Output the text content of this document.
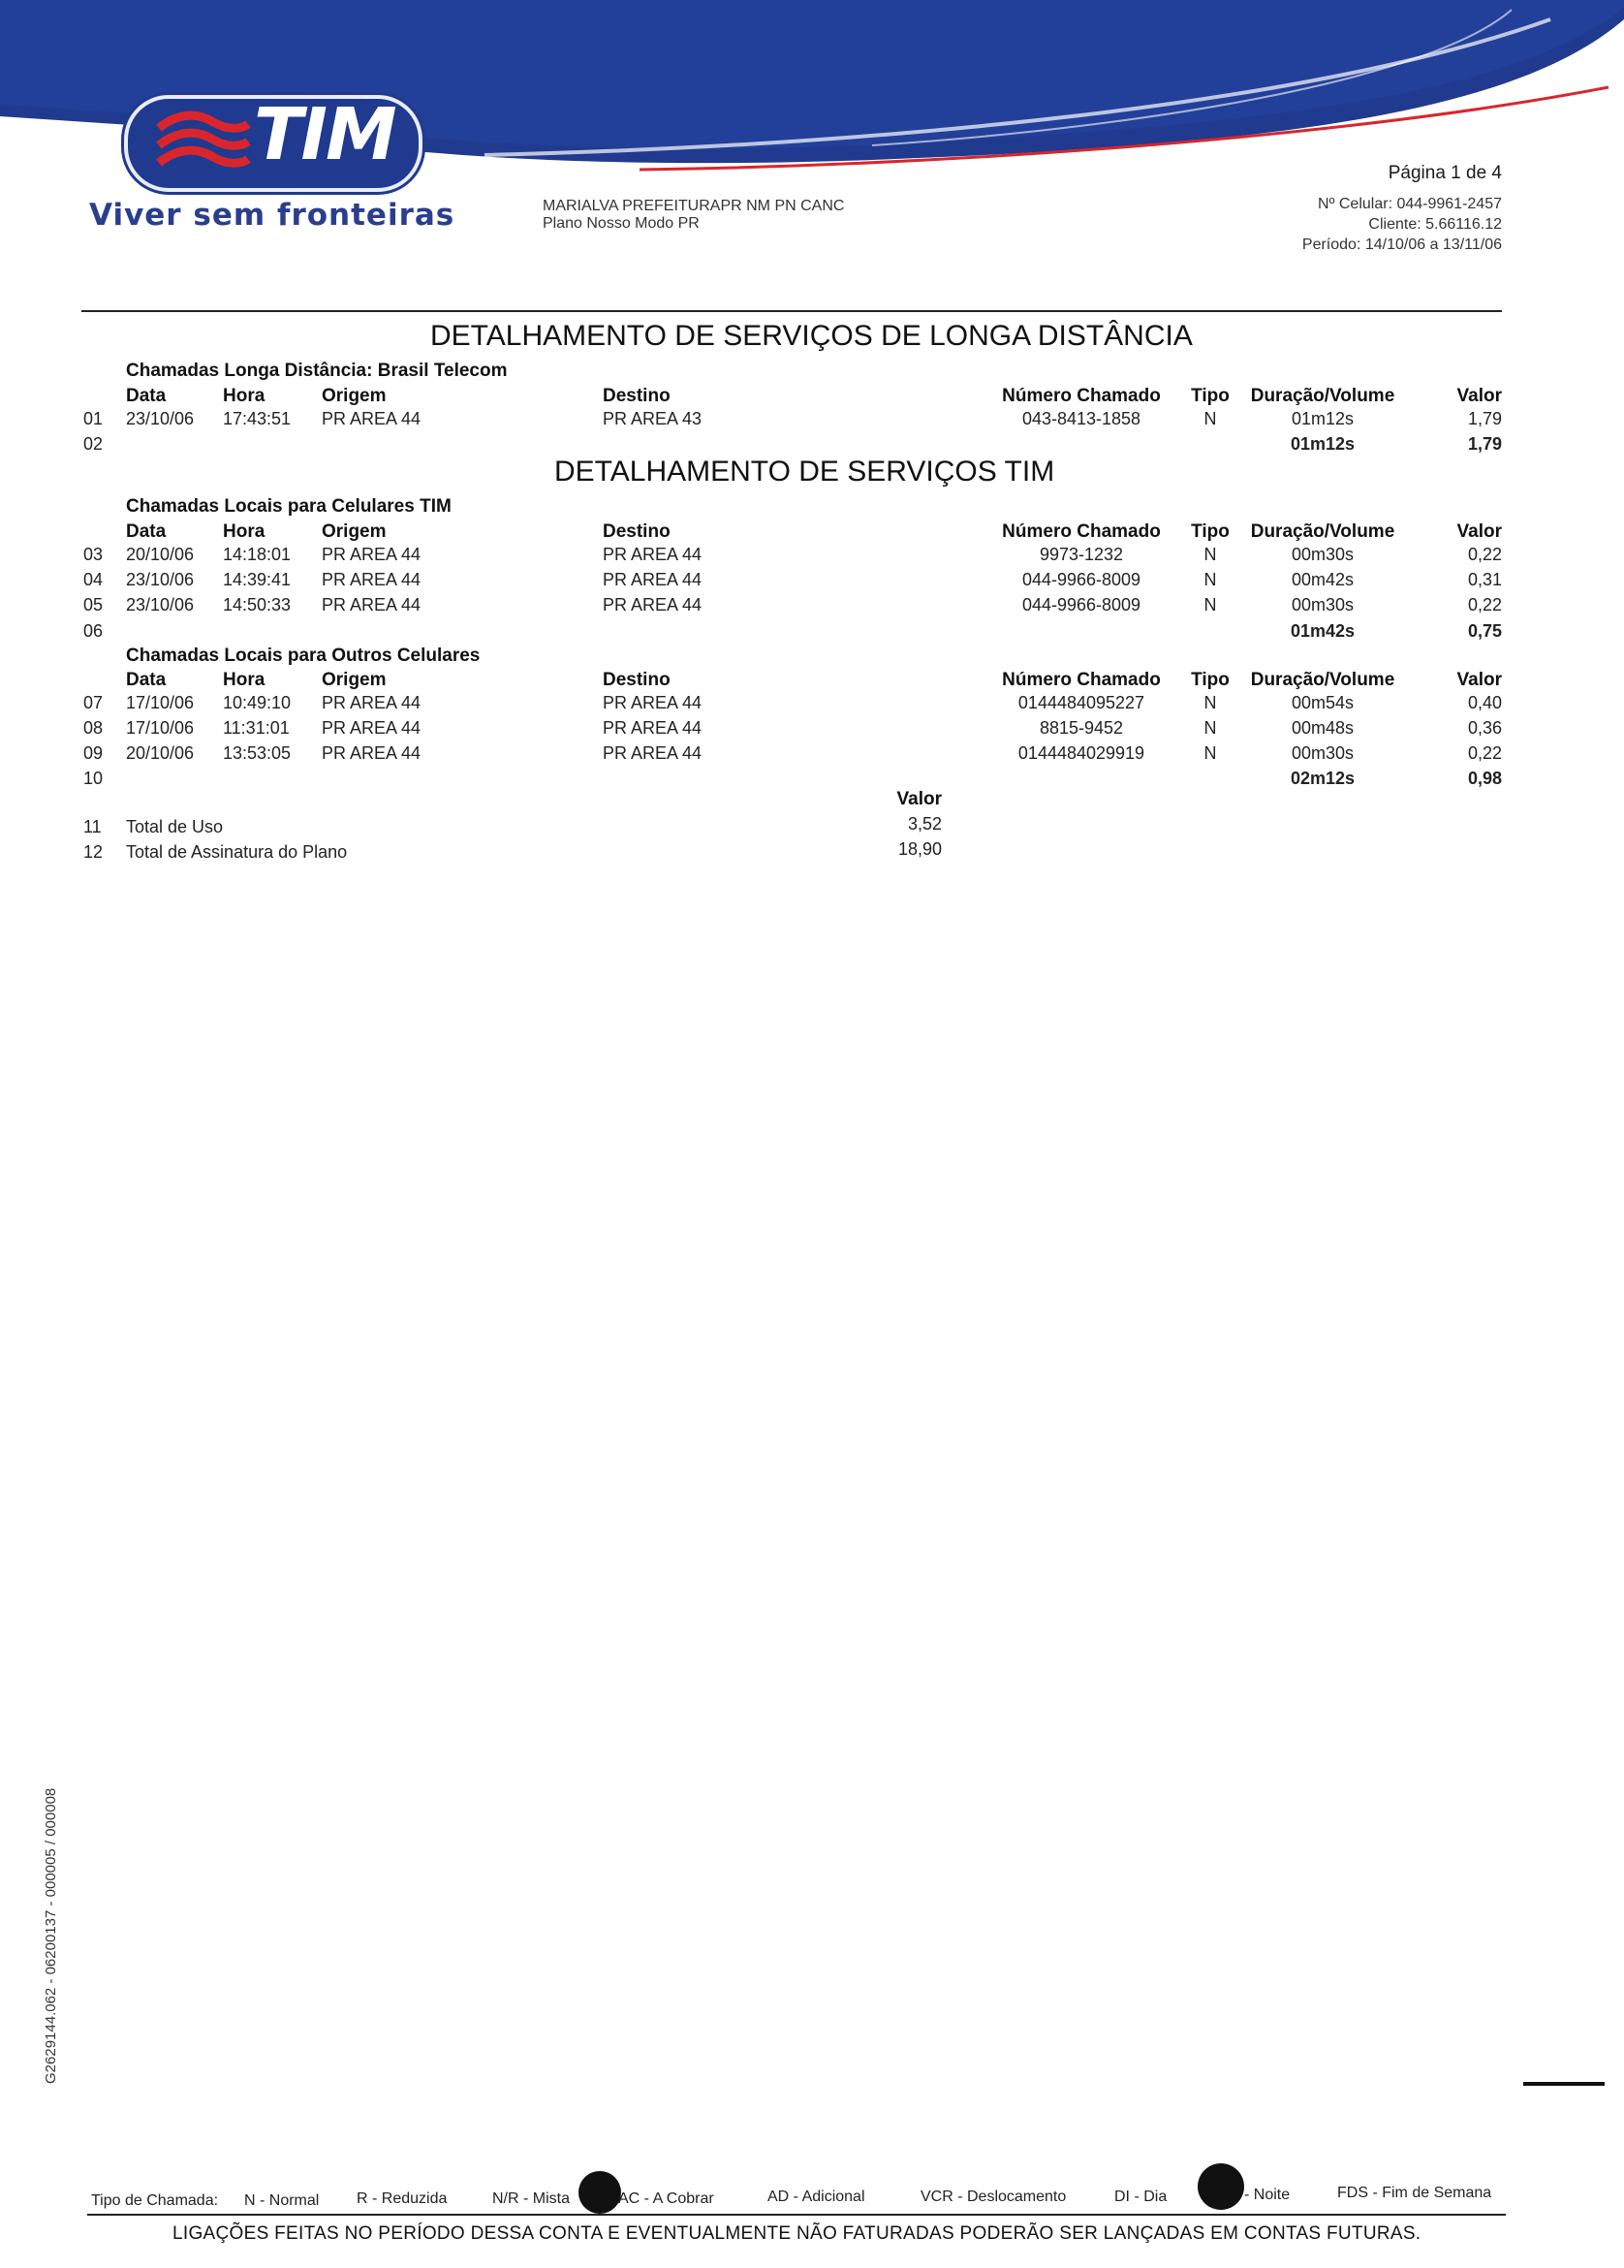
TIM
Viver sem fronteiras	MARIALVA PREFEITURAPR NM PN CANC
Plano Nosso Modo PR
Página 1 de 4
Nº Celular: 044-9961-2457
Cliente: 5.66116.12
Período: 14/10/06 a 13/11/06
DETALHAMENTO DE SERVIÇOS DE LONGA DISTÂNCIA
Chamadas Longa Distância: Brasil Telecom
Data	Hora	Origem	Destino	Número Chamado	Tipo	Duração/Volume	Valor
01 23/10/06 17:43:51 PR AREA 44	PR AREA 43	043-8413-1858	N	01m12s	1,79
02	01m12s	1,79
Chamadas Locais para Celulares TIM
Data	Hora	Origem	Destino	Número Chamado	Tipo	Duração/Volume	Valor
03 20/10/06 14:18:01 PR AREA 44	PR AREA 44	9973-1232	N	00m30s	0,22
04 23/10/06 14:39:41 PR AREA 44	PR AREA 44	044-9966-8009	N	00m42s	0,31
05 23/10/06 14:50:33 PR AREA 44	PR AREA 44	044-9966-8009	N	00m30s	0,22
06	01m42s	0,75
Chamadas Locais para Outros Celulares
Data	Hora	Origem	Destino	Número Chamado	Tipo	Duração/Volume	Valor
07 17/10/06 10:49:10 PR AREA 44	PR AREA 44	0144484095227	N	00m54s	0,40
08 17/10/06 11:31:01 PR AREA 44	PR AREA 44	8815-9452	N	00m48s	0,36
09 20/10/06 13:53:05 PR AREA 44	PR AREA 44	0144484029919	N	00m30s	0,22
10	02m12s	0,98
DETALHAMENTO DE SERVIÇOS TIM
Valor
11 Total de Uso	3,52
12 Total de Assinatura do Plano	18,90
G2629144.062 - 06200137 - 000005 / 000008
Tipo de Chamada: N - Normal R - Reduzida	N/R - Mista	AC - A Cobrar	AD - Adicional	VCR - Deslocamento	DI - Dia	- Noite	FDS - Fim de Semana
LIGAÇÕES FEITAS NO PERÍODO DESSA CONTA E EVENTUALMENTE NÃO FATURADAS PODERÃO SER LANÇADAS EM CONTAS FUTURAS.
